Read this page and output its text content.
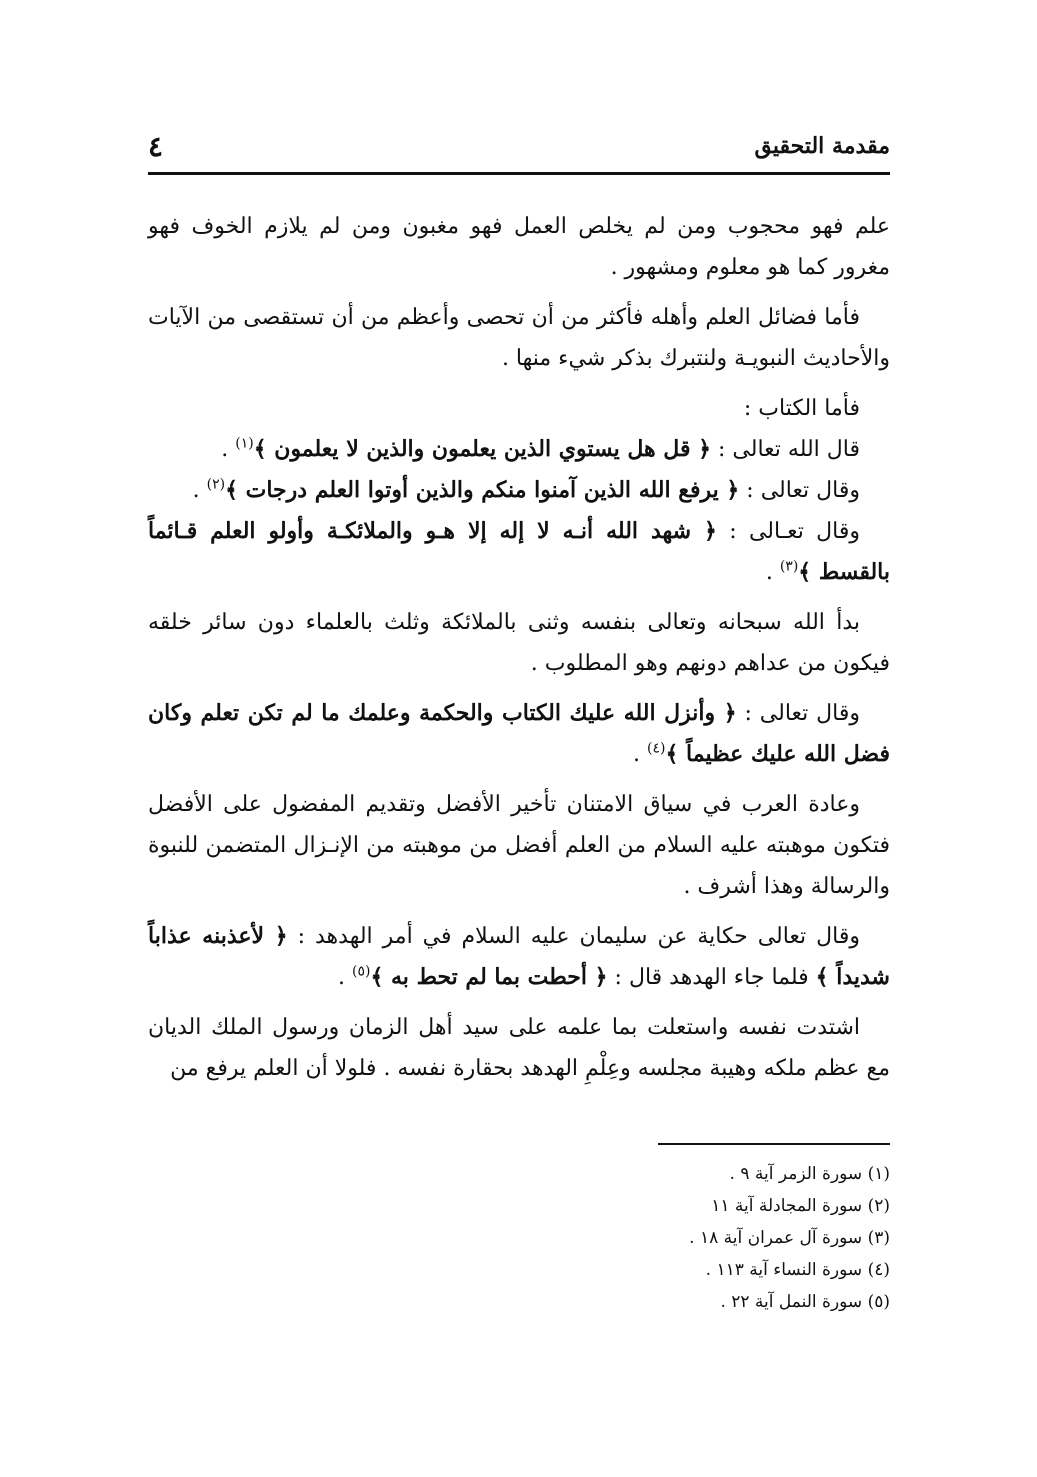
مقدمة التحقيق
٤

علم فهو محجوب ومن لم يخلص العمل فهو مغبون ومن لم يلازم الخوف فهو مغرور كما هو معلوم ومشهور .

فأما فضائل العلم وأهله فأكثر من أن تحصى وأعظم من أن تستقصى من الآيات والأحاديث النبويـة ولنتبرك بذكر شيء منها .

فأما الكتاب :

قال الله تعالى : ﴿ قل هل يستوي الذين يعلمون والذين لا يعلمون ﴾$^{(١)}$ .

وقال تعالى : ﴿ يرفع الله الذين آمنوا منكم والذين أوتوا العلم درجات ﴾$^{(٢)}$ .

وقال تعـالى : ﴿ شهد الله أنـه لا إله إلا هـو والملائكـة وأولو العلم قـائماً بالقسط ﴾$^{(٣)}$ .

بدأ الله سبحانه وتعالى بنفسه وثنى بالملائكة وثلث بالعلماء دون سائر خلقه فيكون من عداهم دونهم وهو المطلوب .

وقال تعالى : ﴿ وأنزل الله عليك الكتاب والحكمة وعلمك ما لم تكن تعلم وكان فضل الله عليك عظيماً ﴾$^{(٤)}$ .

وعادة العرب في سياق الامتنان تأخير الأفضل وتقديم المفضول على الأفضل فتكون موهبته عليه السلام من العلم أفضل من موهبته من الإنـزال المتضمن للنبوة والرسالة وهذا أشرف .

وقال تعالى حكاية عن سليمان عليه السلام في أمر الهدهد : ﴿ لأعذبنه عذاباً شديداً ﴾ فلما جاء الهدهد قال : ﴿ أحطت بما لم تحط به ﴾$^{(٥)}$ .

اشتدت نفسه واستعلت بما علمه على سيد أهل الزمان ورسول الملك الديان مع عظم ملكه وهيبة مجلسه وعِلْمِ الهدهد بحقارة نفسه . فلولا أن العلم يرفع من

(١) سورة الزمر آية ٩ .

(٢) سورة المجادلة آية ١١

(٣) سورة آل عمران آية ١٨ .

(٤) سورة النساء آية ١١٣ .

(٥) سورة النمل آية ٢٢ .
